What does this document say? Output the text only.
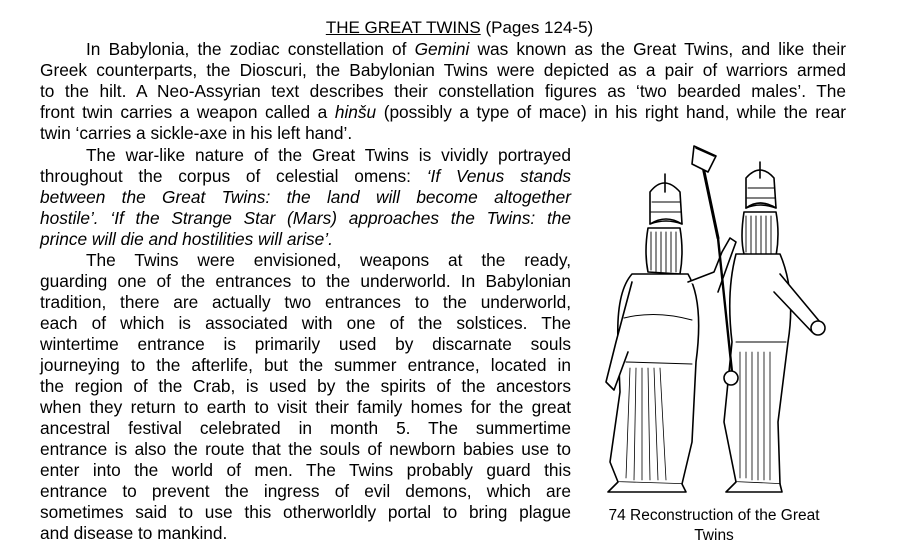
THE GREAT TWINS (Pages 124-5)
In Babylonia, the zodiac constellation of Gemini was known as the Great Twins, and like their
Greek counterparts, the Dioscuri, the Babylonian Twins were depicted as a pair of warriors armed
to the hilt. A Neo-Assyrian text describes their constellation figures as ‘two bearded males’. The
front twin carries a weapon called a hinšu (possibly a type of mace) in his right hand, while the rear
twin ‘carries a sickle-axe in his left hand’.
The war-like nature of the Great Twins is vividly portrayed
throughout the corpus of celestial omens: ‘If Venus stands
between the Great Twins: the land will become altogether
hostile’. ‘If the Strange Star (Mars) approaches the Twins: the
prince will die and hostilities will arise’.
The Twins were envisioned, weapons at the ready,
guarding one of the entrances to the underworld. In Babylonian
tradition, there are actually two entrances to the underworld,
each of which is associated with one of the solstices. The
wintertime entrance is primarily used by discarnate souls
journeying to the afterlife, but the summer entrance, located in
the region of the Crab, is used by the spirits of the ancestors
when they return to earth to visit their family homes for the great
ancestral festival celebrated in month 5. The summertime
entrance is also the route that the souls of newborn babies use to
enter into the world of men. The Twins probably guard this
entrance to prevent the ingress of evil demons, which are
sometimes said to use this otherworldly portal to bring plague
and disease to mankind.
74 Reconstruction of the Great
Twins
